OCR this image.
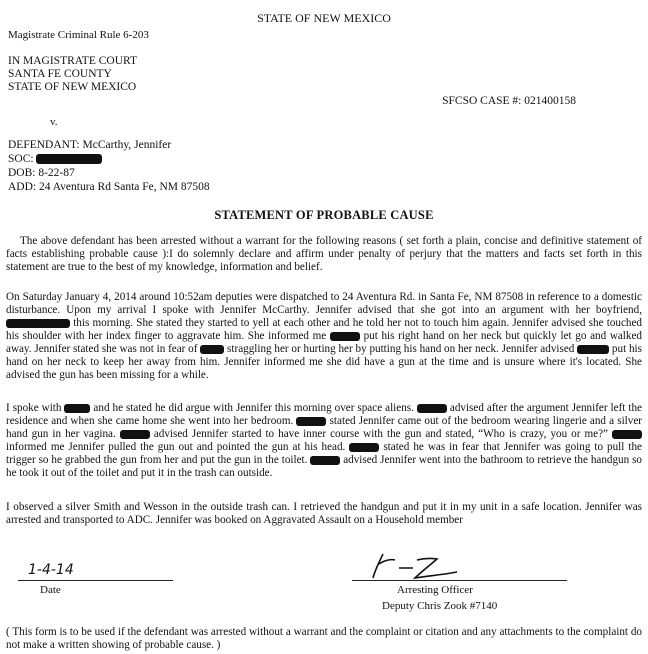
STATE OF NEW MEXICO
Magistrate Criminal Rule 6-203
IN MAGISTRATE COURT
SANTA FE COUNTY
STATE OF NEW MEXICO
SFCSO CASE #: 021400158
v.
DEFENDANT: McCarthy, Jennifer
SOC:
DOB: 8-22-87
ADD: 24 Aventura Rd Santa Fe, NM 87508
STATEMENT OF PROBABLE CAUSE
The above defendant has been arrested without a warrant for the following reasons ( set forth a plain, concise and definitive statement of facts establishing probable cause ):I do solemnly declare and affirm under penalty of perjury that the matters and facts set forth in this statement are true to the best of my knowledge, information and belief.
On Saturday January 4, 2014 around 10:52am deputies were dispatched to 24 Aventura Rd. in Santa Fe, NM 87508 in reference to a domestic disturbance. Upon my arrival I spoke with Jennifer McCarthy. Jennifer advised that she got into an argument with her boyfriend,  this morning. She stated they started to yell at each other and he told her not to touch him again. Jennifer advised she touched his shoulder with her index finger to aggravate him. She informed me	put his right hand on her neck but quickly let go and walked away. Jennifer stated she was not in fear of  straggling her or hurting her by putting his hand on her neck. Jennifer advised	put his hand on her neck to keep her away from him. Jennifer informed me she did have a gun at the time and is unsure where it's located. She advised the gun has been missing for a while.
I spoke with	and he stated he did argue with Jennifer this morning over space aliens.	advised after the argument Jennifer left the residence and when she came home she went into her bedroom.	stated Jennifer came out of the bedroom wearing lingerie and a silver hand gun in her vagina.	advised Jennifer started to have inner course with the gun and stated, “Who is crazy, you or me?”  informed me Jennifer pulled the gun out and pointed the gun at his head.	stated he was in fear that Jennifer was going to pull the trigger so he grabbed the gun from her and put the gun in the toilet.	advised Jennifer went into the bathroom to retrieve the handgun so he took it out of the toilet and put it in the trash can outside.
I observed a silver Smith and Wesson in the outside trash can. I retrieved the handgun and put it in my unit in a safe location. Jennifer was arrested and transported to ADC. Jennifer was booked on Aggravated Assault on a Household member
1-4-14
Date	Arresting Officer
Deputy Chris Zook #7140
( This form is to be used if the defendant was arrested without a warrant and the complaint or citation and any attachments to the complaint do not make a written showing of probable cause. )
